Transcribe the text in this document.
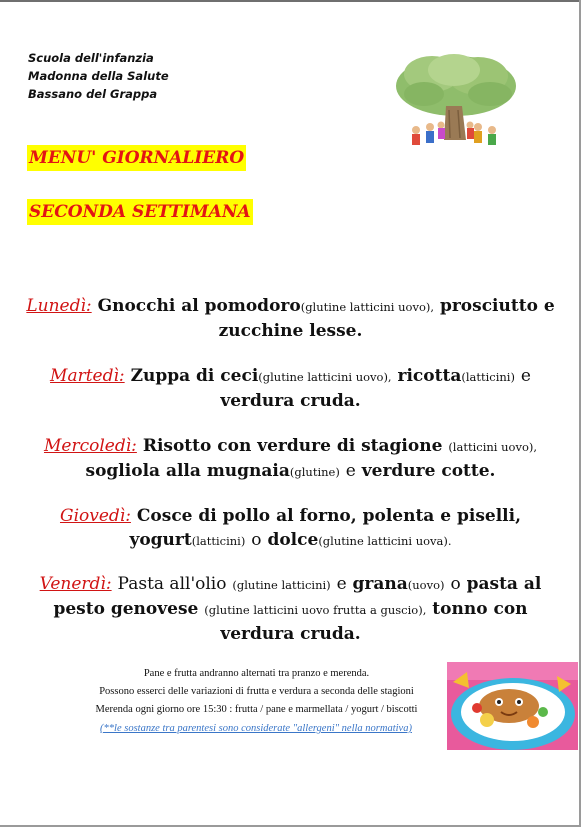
Scuola dell'infanzia
Madonna della Salute
Bassano del Grappa
MENU' GIORNALIERO
SECONDA SETTIMANA
Lunedì: Gnocchi al pomodoro(glutine latticini uovo), prosciutto e zucchine lesse.
Martedì: Zuppa di ceci(glutine latticini uovo), ricotta(latticini) e verdura cruda.
Mercoledì: Risotto con verdure di stagione (latticini uovo), sogliola alla mugnaia(glutine) e verdure cotte.
Giovedì: Cosce di pollo al forno, polenta e piselli, yogurt(latticini) o dolce(glutine latticini uova).
Venerdì: Pasta all'olio (glutine latticini) e grana(uovo) o pasta al pesto genovese (glutine latticini uovo frutta a guscio), tonno con verdura cruda.
Pane e frutta andranno alternati tra pranzo e merenda.
Possono esserci delle variazioni di frutta e verdura a seconda delle stagioni
Merenda ogni giorno ore 15:30 : frutta / pane e marmellata / yogurt / biscotti
(**le sostanze tra parentesi sono considerate "allergeni" nella normativa)
